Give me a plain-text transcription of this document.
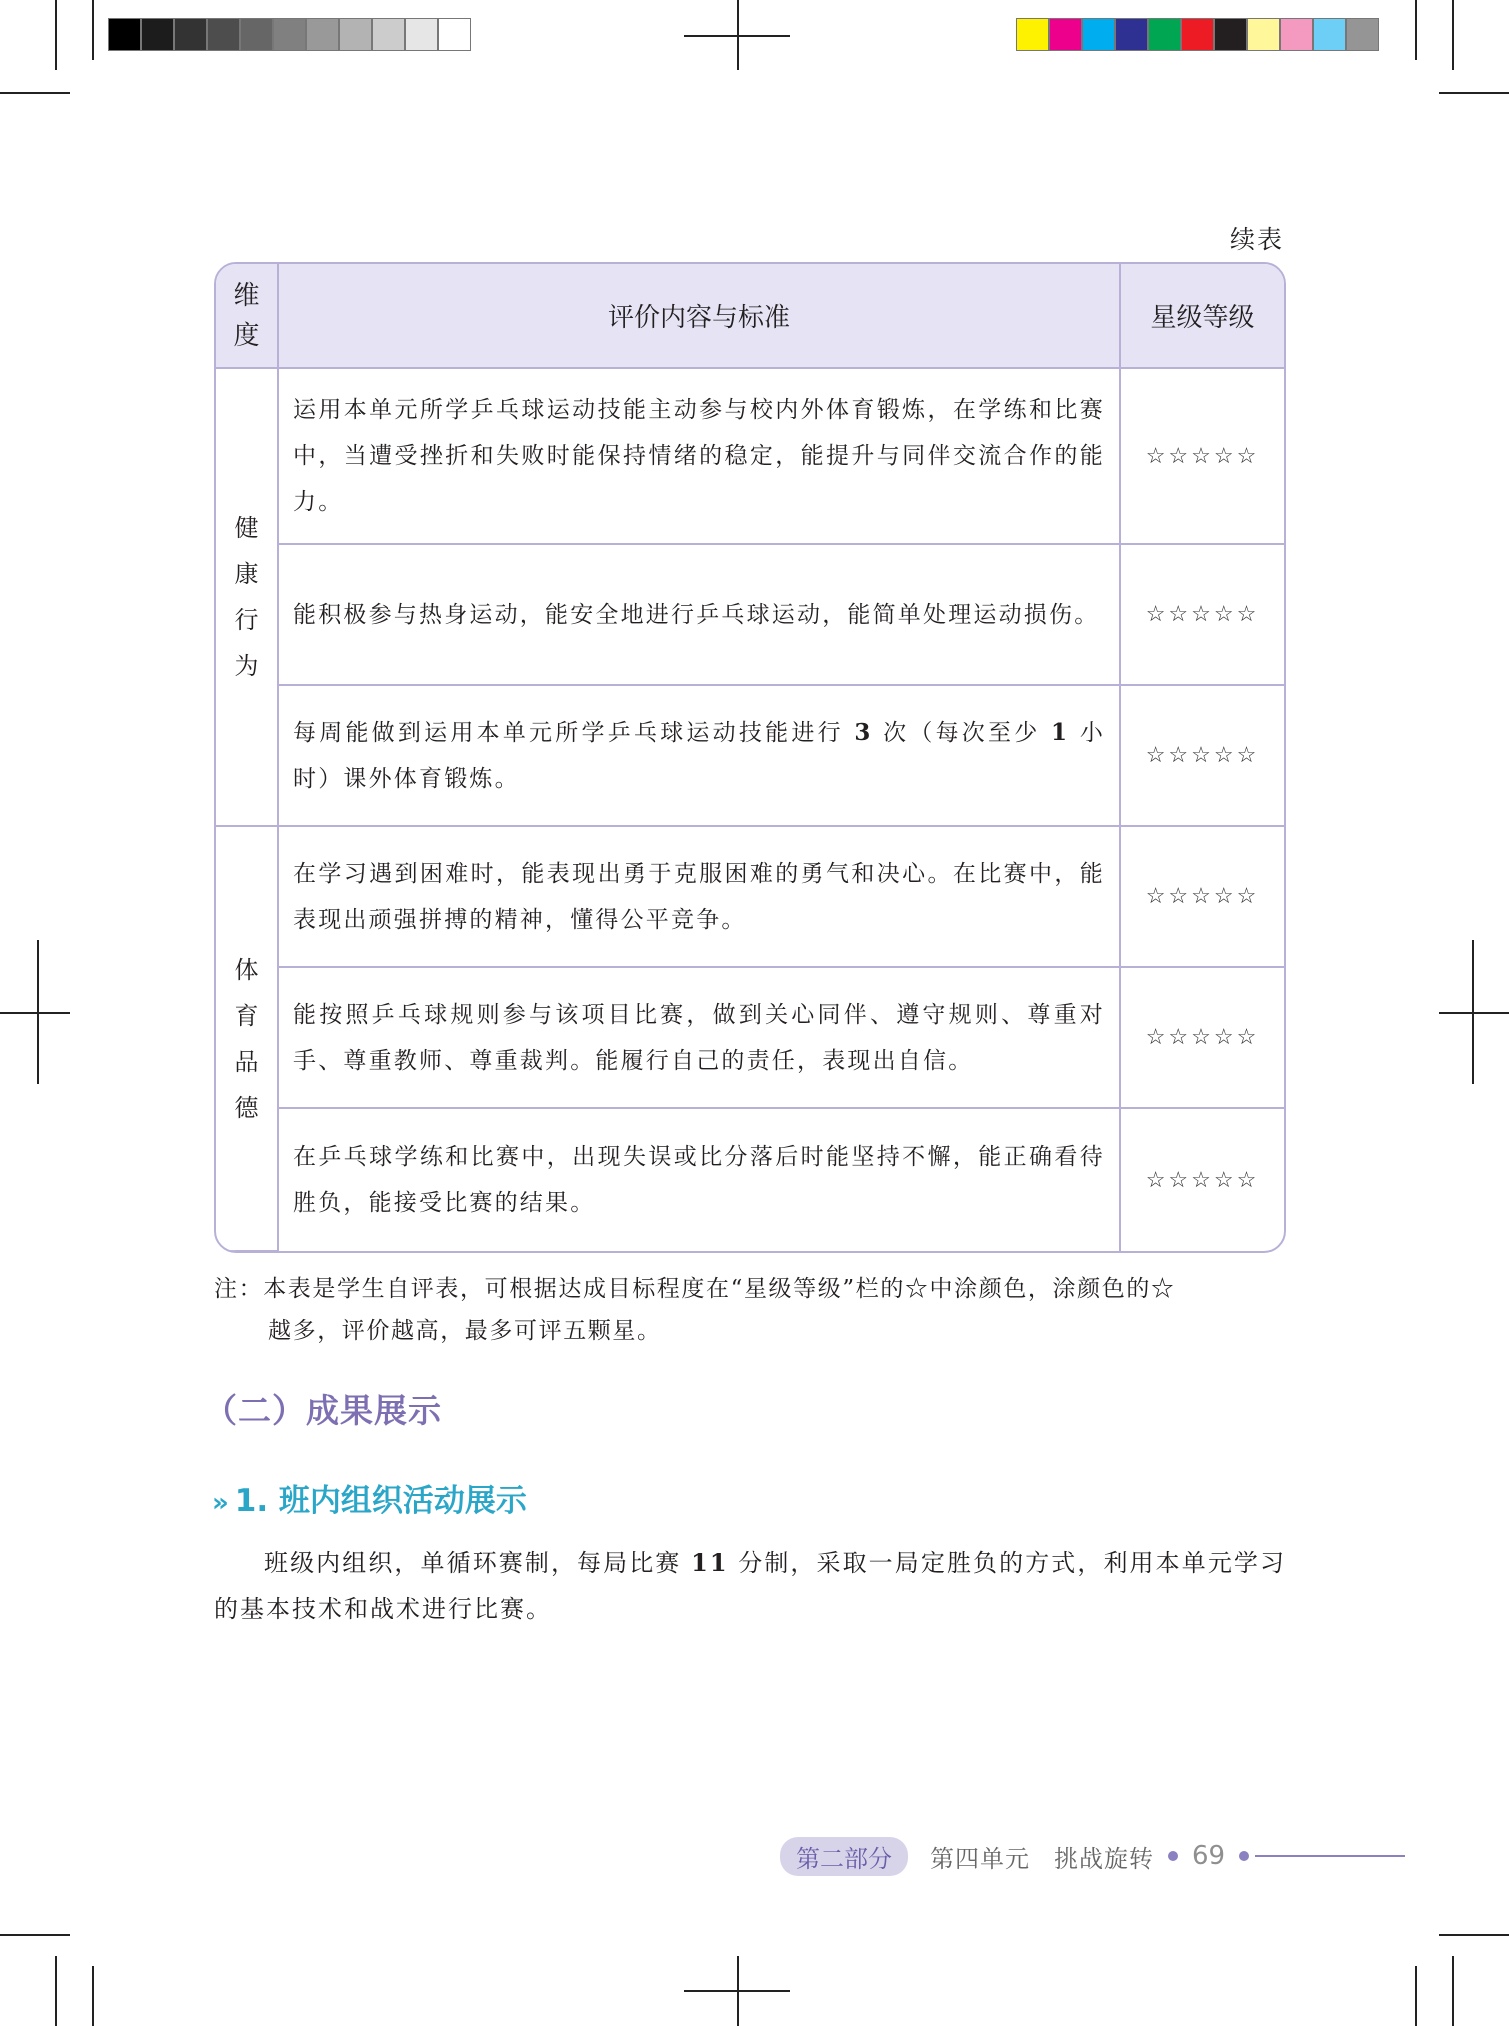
续表
维
度	评价内容与标准	星级等级

健
康
行
为	运用本单元所学乒乓球运动技能主动参与校内外体育锻炼，在学练和比赛中，当遭受挫折和失败时能保持情绪的稳定，能提升与同伴交流合作的能力。	☆☆☆☆☆
	能积极参与热身运动，能安全地进行乒乓球运动，能简单处理运动损伤。	☆☆☆☆☆
	每周能做到运用本单元所学乒乓球运动技能进行 3 次（每次至少 1 小时）课外体育锻炼。	☆☆☆☆☆

体
育
品
德	在学习遇到困难时，能表现出勇于克服困难的勇气和决心。在比赛中，能表现出顽强拼搏的精神，懂得公平竞争。	☆☆☆☆☆
	能按照乒乓球规则参与该项目比赛，做到关心同伴、遵守规则、尊重对手、尊重教师、尊重裁判。能履行自己的责任，表现出自信。	☆☆☆☆☆
	在乒乓球学练和比赛中，出现失误或比分落后时能坚持不懈，能正确看待胜负，能接受比赛的结果。	☆☆☆☆☆
注：本表是学生自评表，可根据达成目标程度在“星级等级”栏的☆中涂颜色，涂颜色的☆
越多，评价越高，最多可评五颗星。
（二）成果展示
» 1. 班内组织活动展示
班级内组织，单循环赛制，每局比赛 11 分制，采取一局定胜负的方式，利用本单元学习的基本技术和战术进行比赛。
第二部分	第四单元 挑战旋转 69
